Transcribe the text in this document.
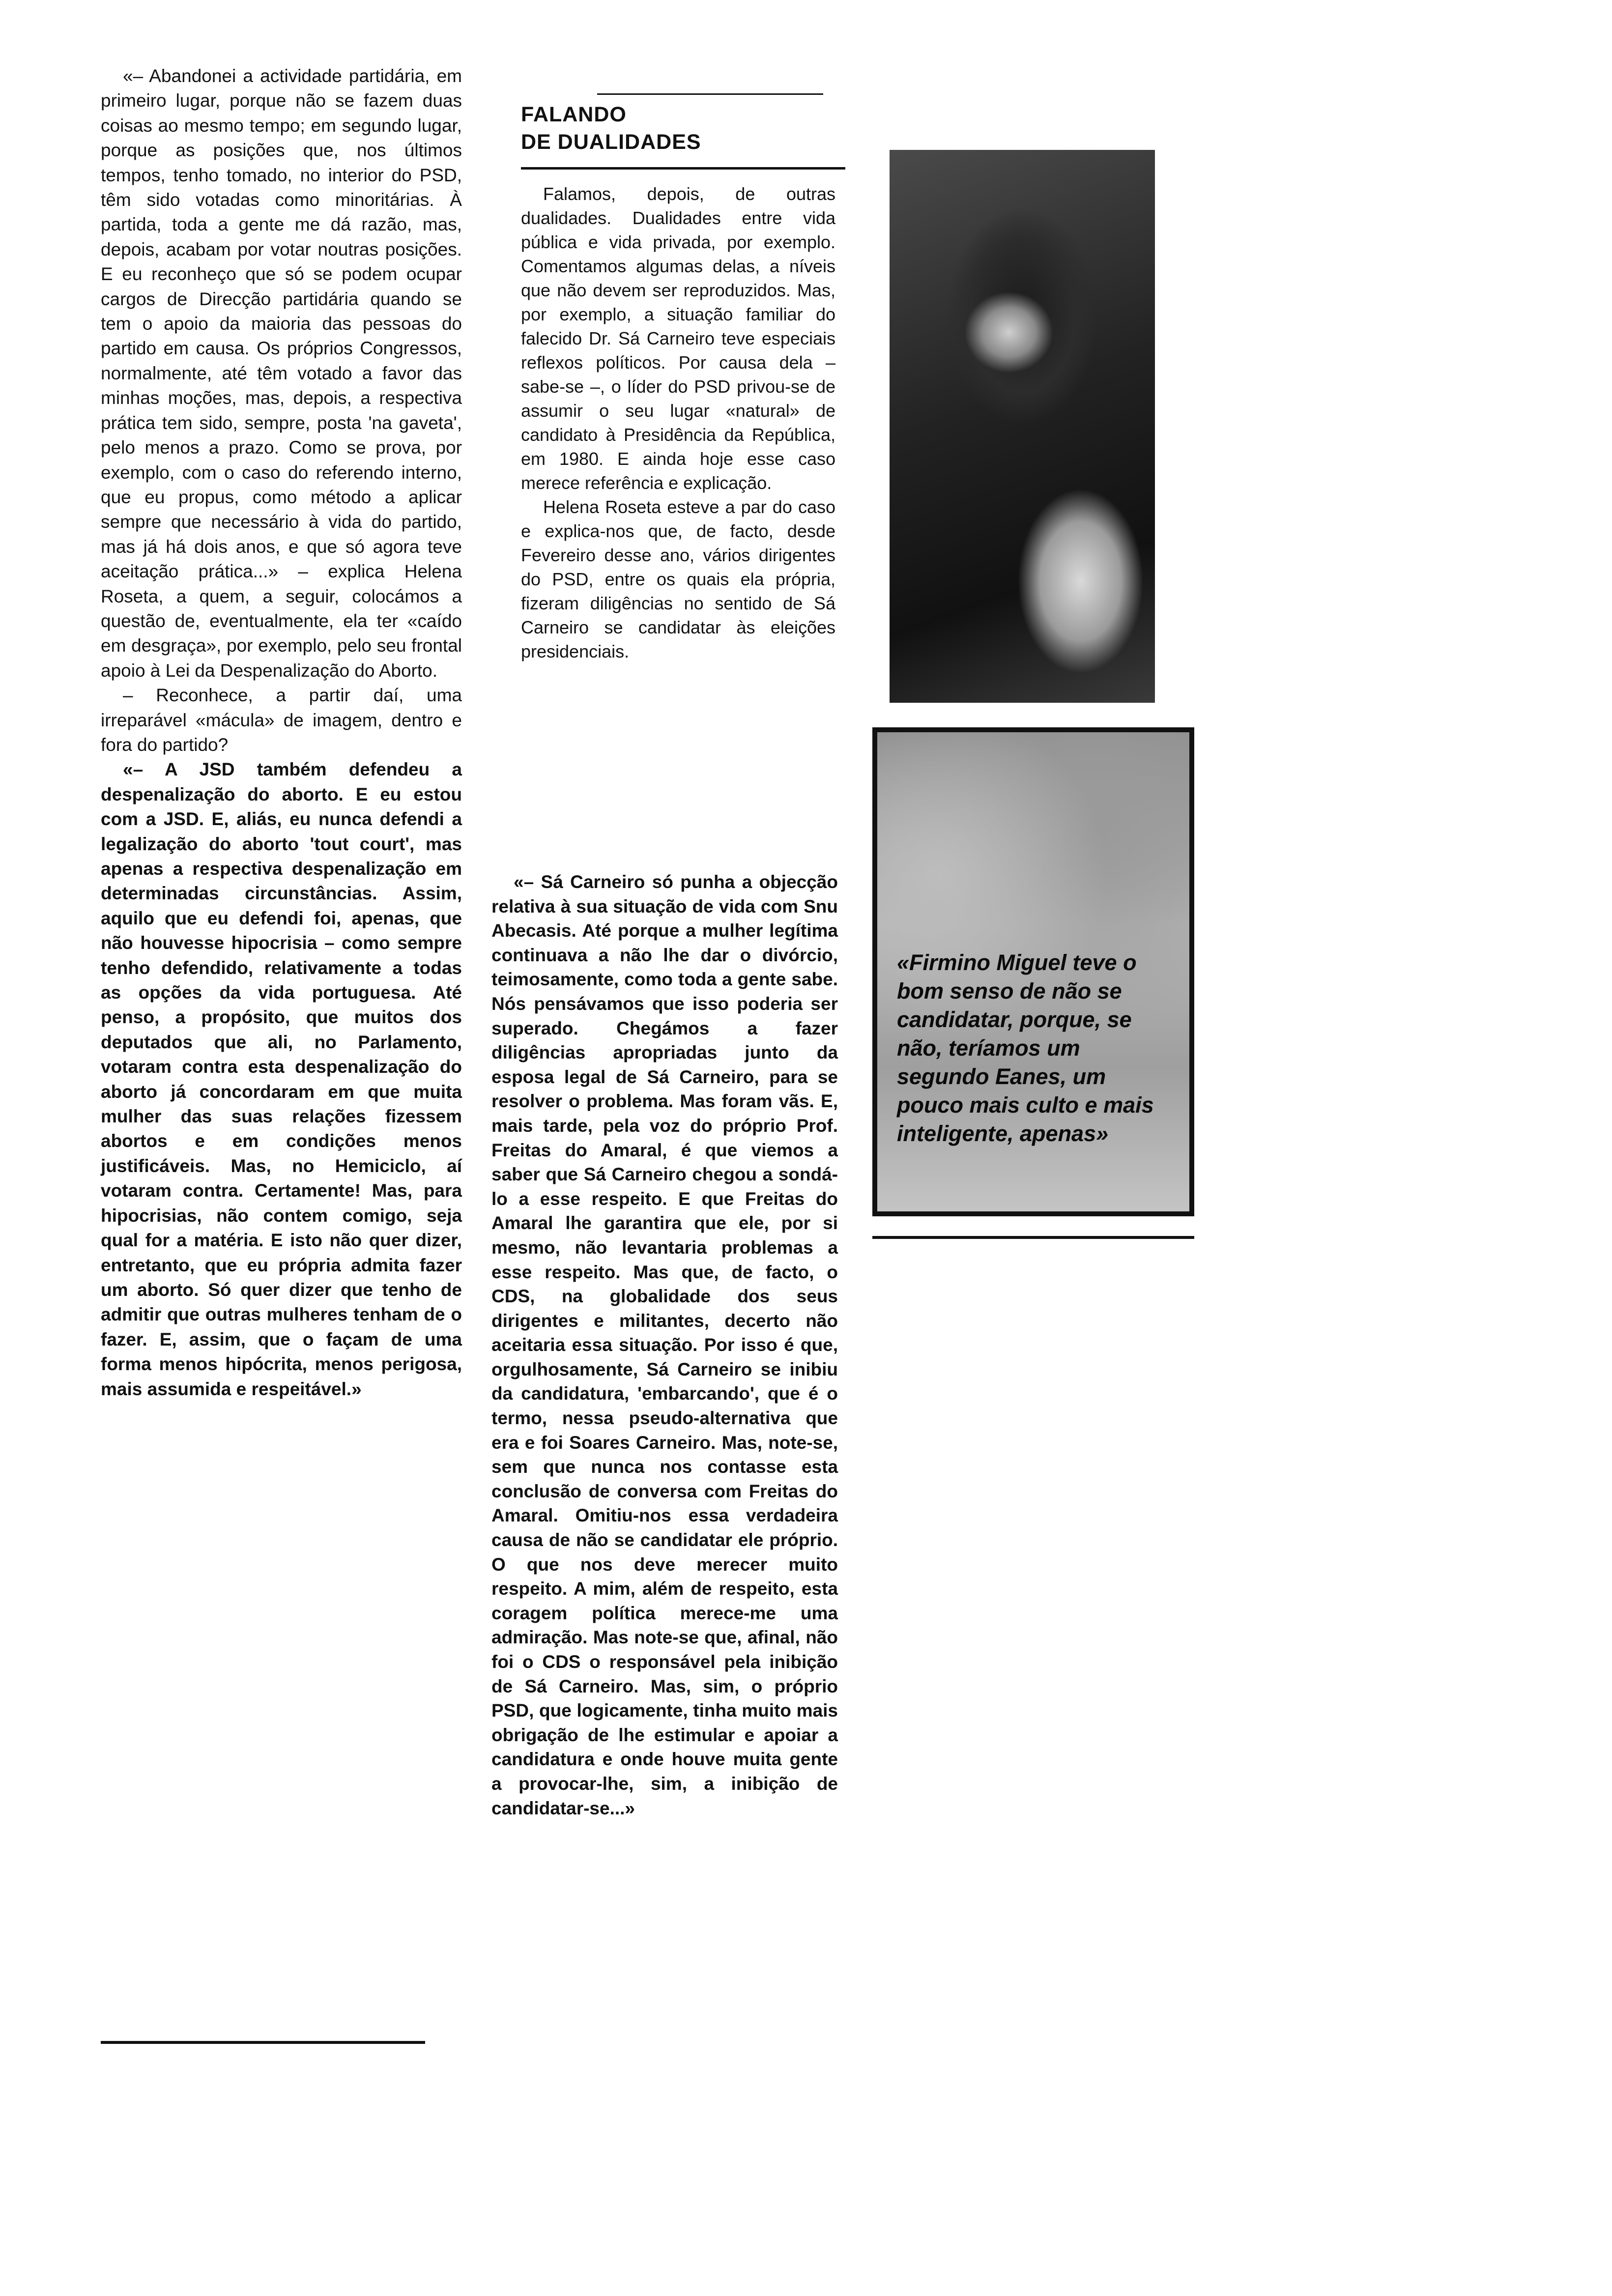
«– Abandonei a actividade partidária, em primeiro lugar, porque não se fazem duas coisas ao mesmo tempo; em segundo lugar, porque as posições que, nos últimos tempos, tenho tomado, no interior do PSD, têm sido votadas como minoritárias. À partida, toda a gente me dá razão, mas, depois, acabam por votar noutras posições. E eu reconheço que só se podem ocupar cargos de Direcção partidária quando se tem o apoio da maioria das pessoas do partido em causa. Os próprios Congressos, normalmente, até têm votado a favor das minhas moções, mas, depois, a respectiva prática tem sido, sempre, posta 'na gaveta', pelo menos a prazo. Como se prova, por exemplo, com o caso do referendo interno, que eu propus, como método a aplicar sempre que necessário à vida do partido, mas já há dois anos, e que só agora teve aceitação prática...» – explica Helena Roseta, a quem, a seguir, colocámos a questão de, eventualmente, ela ter «caído em desgraça», por exemplo, pelo seu frontal apoio à Lei da Despenalização do Aborto.

– Reconhece, a partir daí, uma irreparável «mácula» de imagem, dentro e fora do partido?

«– A JSD também defendeu a despenalização do aborto. E eu estou com a JSD. E, aliás, eu nunca defendi a legalização do aborto 'tout court', mas apenas a respectiva despenalização em determinadas circunstâncias. Assim, aquilo que eu defendi foi, apenas, que não houvesse hipocrisia – como sempre tenho defendido, relativamente a todas as opções da vida portuguesa. Até penso, a propósito, que muitos dos deputados que ali, no Parlamento, votaram contra esta despenalização do aborto já concordaram em que muita mulher das suas relações fizessem abortos e em condições menos justificáveis. Mas, no Hemiciclo, aí votaram contra. Certamente! Mas, para hipocrisias, não contem comigo, seja qual for a matéria. E isto não quer dizer, entretanto, que eu própria admita fazer um aborto. Só quer dizer que tenho de admitir que outras mulheres tenham de o fazer. E, assim, que o façam de uma forma menos hipócrita, menos perigosa, mais assumida e respeitável.»

FALANDO
DE DUALIDADES

Falamos, depois, de outras dualidades. Dualidades entre vida pública e vida privada, por exemplo. Comentamos algumas delas, a níveis que não devem ser reproduzidos. Mas, por exemplo, a situação familiar do falecido Dr. Sá Carneiro teve especiais reflexos políticos. Por causa dela – sabe-se –, o líder do PSD privou-se de assumir o seu lugar «natural» de candidato à Presidência da República, em 1980. E ainda hoje esse caso merece referência e explicação.

Helena Roseta esteve a par do caso e explica-nos que, de facto, desde Fevereiro desse ano, vários dirigentes do PSD, entre os quais ela própria, fizeram diligências no sentido de Sá Carneiro se candidatar às eleições presidenciais.

«– Sá Carneiro só punha a objecção relativa à sua situação de vida com Snu Abecasis. Até porque a mulher legítima continuava a não lhe dar o divórcio, teimosamente, como toda a gente sabe. Nós pensávamos que isso poderia ser superado. Chegámos a fazer diligências apropriadas junto da esposa legal de Sá Carneiro, para se resolver o problema. Mas foram vãs. E, mais tarde, pela voz do próprio Prof. Freitas do Amaral, é que viemos a saber que Sá Carneiro chegou a sondá-lo a esse respeito. E que Freitas do Amaral lhe garantira que ele, por si mesmo, não levantaria problemas a esse respeito. Mas que, de facto, o CDS, na globalidade dos seus dirigentes e militantes, decerto não aceitaria essa situação. Por isso é que, orgulhosamente, Sá Carneiro se inibiu da candidatura, 'embarcando', que é o termo, nessa pseudo-alternativa que era e foi Soares Carneiro. Mas, note-se, sem que nunca nos contasse esta conclusão de conversa com Freitas do Amaral. Omitiu-nos essa verdadeira causa de não se candidatar ele próprio. O que nos deve merecer muito respeito. A mim, além de respeito, esta coragem política merece-me uma admiração. Mas note-se que, afinal, não foi o CDS o responsável pela inibição de Sá Carneiro. Mas, sim, o próprio PSD, que logicamente, tinha muito mais obrigação de lhe estimular e apoiar a candidatura e onde houve muita gente a provocar-lhe, sim, a inibição de candidatar-se...»

«Firmino Miguel teve o bom senso de não se candidatar, porque, se não, teríamos um segundo Eanes, um pouco mais culto e mais inteligente, apenas»
